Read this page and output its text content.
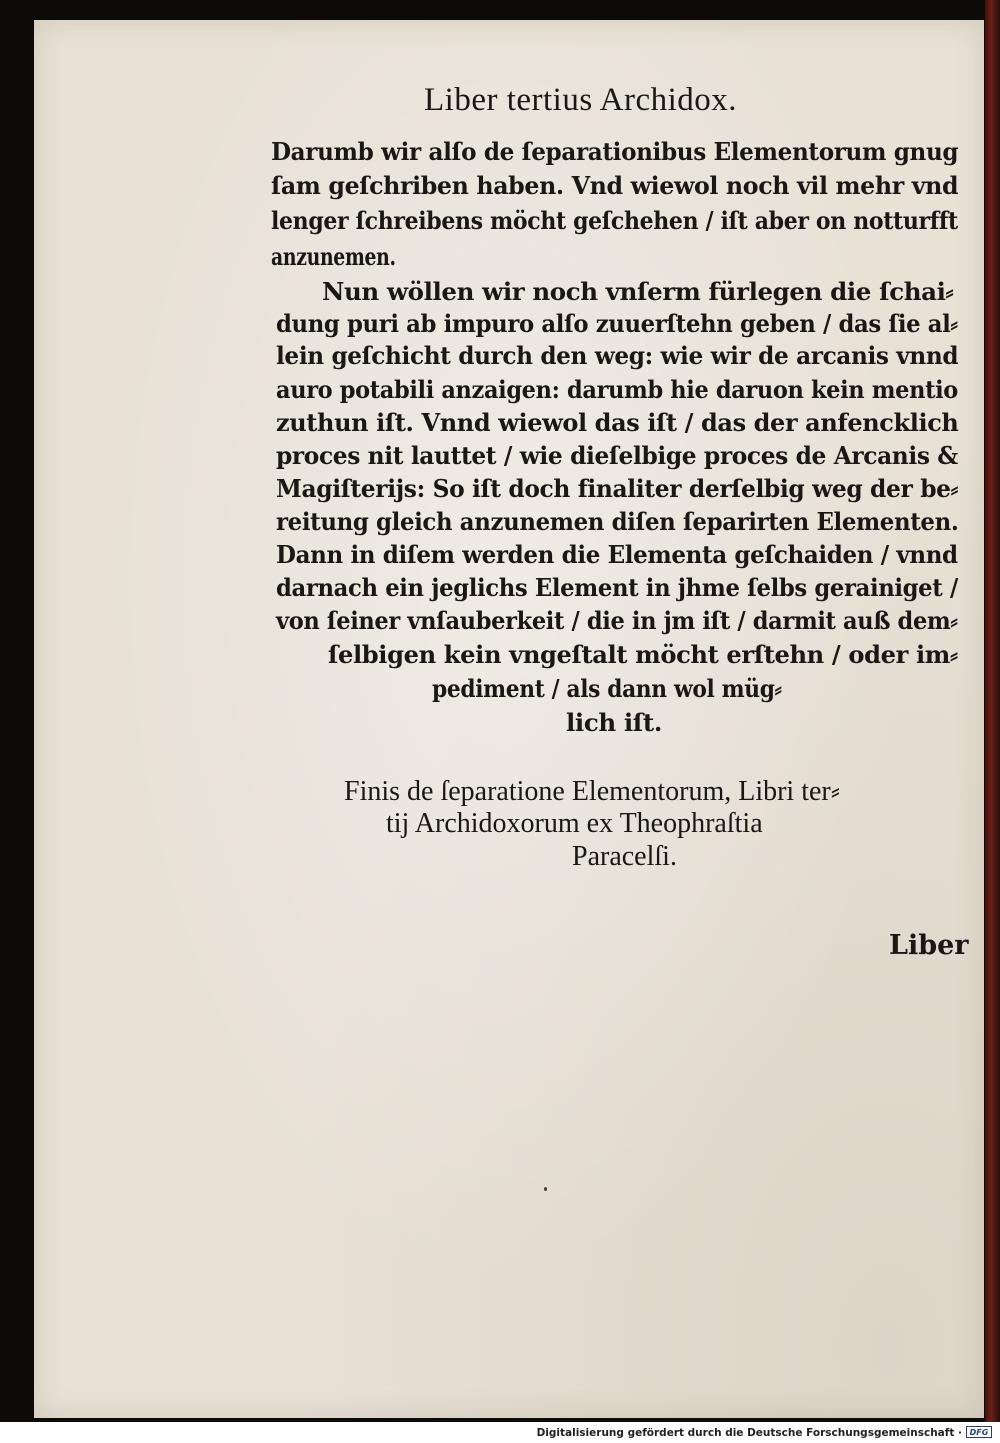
Liber tertius Archidox.
Darumb wir alſo de ſeparationibus Elementorum gnug
ſam geſchriben haben. Vnd wiewol noch vil mehr vnd
lenger ſchreibens möcht geſchehen / iſt aber on notturfft
anzunemen.
Nun wöllen wir noch vnſerm fürlegen die ſchai⸗
dung puri ab impuro alſo zuuerſtehn geben / das ſie al⸗
lein geſchicht durch den weg: wie wir de arcanis vnnd
auro potabili anzaigen: darumb hie daruon kein mentio
zuthun iſt. Vnnd wiewol das iſt / das der anfencklich
proces nit lauttet / wie dieſelbige proces de Arcanis &
Magiſterijs: So iſt doch finaliter derſelbig weg der be⸗
reitung gleich anzunemen diſen ſeparirten Elementen.
Dann in diſem werden die Elementa geſchaiden / vnnd
darnach ein jeglichs Element in jhme ſelbs gerainiget /
von ſeiner vnſauberkeit / die in jm iſt / darmit auß dem⸗
ſelbigen kein vngeſtalt möcht erſtehn / oder im⸗
pediment / als dann wol müg⸗
lich iſt.
Finis de ſeparatione Elementorum, Libri ter⸗
tij Archidoxorum ex Theophraſtia
Paracelſi.
Liber
Digitalisierung gefördert durch die Deutsche Forschungsgemeinschaft · DFG
